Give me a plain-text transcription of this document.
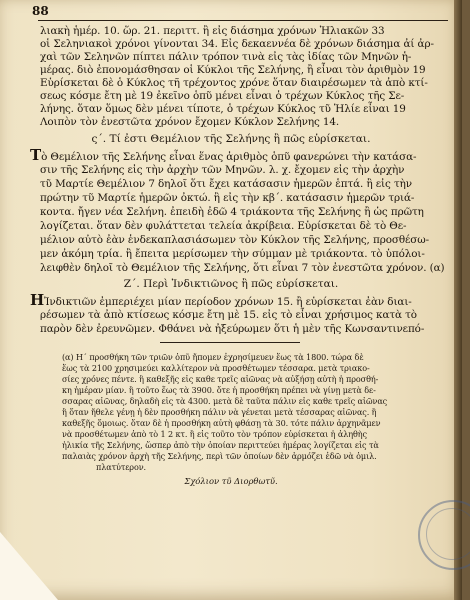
88
λιακὴ ἡμέρ. 10. ὥρ. 21. περιττ. ἢ εἰς διάσημα χρόνων Ἡλιακῶν 33
οἱ Σεληνιακοὶ χρόνοι γίνονται 34. Εἰς δεκαεννέα δὲ χρόνων διάσημα ἀί ἀρ-
χαὶ τῶν Σεληνῶν πίπτει πάλιν τρόπον τινὰ εἰς τὰς ἰδίας τῶν Μηνῶν ἡ-
μέρας. διὸ ἐπονομάσθησαν οἱ Κύκλοι τῆς Σελήνης, ἢ εἶναι τὸν ἀριθμὸν 19
Εὑρίσκεται δὲ ὁ Κύκλος τῆ τρέχοντος χρόνε ὅταν διαιρέσωμεν τὰ ἀπὸ κτί-
σεως κόσμε ἔτη μὲ 19 ἐκεῖνο ὁπῦ μένει εἶναι ὁ τρέχων Κύκλος τῆς Σε-
λήνης. ὅταν ὅμως δὲν μένει τίποτε, ὁ τρέχων Κύκλος τῦ Ἡλίε εἶναι 19
Λοιπὸν τὸν ἐνεστῶτα χρόνον ἔχομεν Κύκλον Σελήνης 14.
ς΄. Τί ἐστι Θεμέλιον τῆς Σελήνης ἢ πῶς εὑρίσκεται.
Τὸ Θεμέλιον τῆς Σελήνης εἶναι ἕνας ἀριθμὸς ὁπῦ φανερώνει τὴν κατάσα-
σιν τῆς Σελήνης εἰς τὴν ἀρχὴν τῶν Μηνῶν. λ. χ. ἔχομεν εἰς τὴν ἀρχὴν
τῦ Μαρτίε Θεμέλιον 7 δηλοῖ ὅτι ἔχει κατάσασιν ἡμερῶν ἑπτά. ἢ εἰς τὴν
πρώτην τῦ Μαρτίε ἡμερῶν ὀκτώ. ἢ εἰς τὴν κβ΄. κατάσασιν ἡμερῶν τριά-
κοντα. ἤγεν νέα Σελήνη. ἐπειδὴ ἐδῶ 4 τριάκοντα τῆς Σελήνης ἢ ὡς πρῶτη
λογίζεται. ὅταν δὲν φυλάττεται τελεία ἀκρίβεια. Εὑρίσκεται δὲ τὸ Θε-
μέλιον αὐτὸ ἐὰν ἑνδεκαπλασιάσωμεν τὸν Κύκλον τῆς Σελήνης, προσθέσω-
μεν ἀκόμη τρία. ἢ ἔπειτα μερίσωμεν τὴν σύμμαν μὲ τριάκοντα. τὸ ὑπόλοι-
λειφθὲν δηλοῖ τὸ Θεμέλιον τῆς Σελήνης, ὅτι εἶναι 7 τὸν ἐνεστῶτα χρόνον. (α)
Ζ΄. Περὶ Ἰνδικτιῶνος ἢ πῶς εὑρίσκεται.
ΗἸνδικτιῶν ἐμπεριέχει μίαν περίοδον χρόνων 15. ἢ εὑρίσκεται ἐὰν διαι-
ρέσωμεν τὰ ἀπὸ κτίσεως κόσμε ἔτη μὲ 15. εἰς τὸ εἶναι χρήσιμος κατὰ τὸ
παρὸν δὲν ἐρευνῶμεν. Φθάνει νὰ ἠξεύρωμεν ὅτι ἡ μὲν τῆς Κωνσαντινεπό-
(α) Η΄ προσθήκη τῶν τριῶν ὁπῦ ἤπομεν ἐχρησίμευεν ἕως τὰ 1800. τώρα δὲ
ἕως τὰ 2100 χρησιμεύει καλλίτερον νὰ προσθέτωμεν τέσσαρα. μετὰ τριακο-
σίες χρόνες πέντε. ἢ καθεξῆς εἰς καθε τρεῖς αἰῶνας νὰ αὐξήσῃ αὐτὴ ἡ προσθή-
κη ἡμέραν μίαν. ἢ τοῦτο ἕως τὰ 3900. ὅτε ἡ προσθήκη πρέπει νὰ γίνῃ μετὰ δε-
σσαρας αἰῶνας, δηλαδὴ εἰς τὰ 4300. μετὰ δὲ ταῦτα πάλιν εἰς καθε τρεῖς αἰῶνας
ἢ ὅταν ἤθελε γένῃ ἡ δὲν προσθήκη πάλιν νὰ γένεται μετὰ τέσσαρας αἰῶνας. ἢ
καθεξῆς ὅμοιως. ὅταν δὲ ἡ προσθήκη αὐτὴ φθάσῃ τὰ 30. τότε πάλιν ἀρχηνᾶμεν
νὰ προσθέτωμεν ἀπὸ τὸ 1 2 κτ. ἢ εἰς τοῦτο τὸν τρόπον εὑρίσκεται ἡ ἀληθὴς
ἡλικία τῆς Σελήνης, ὥσπερ ἀπὸ τὴν ὁποίαν περιττεύει ἡμέρας λογίζεται εἰς τὰ
παλαιὰς χρόνον ἀρχὴ τῆς Σελήνης, περὶ τῶν ὁποίων δὲν ἀρμόζει ἐδῶ νὰ ὁμιλ.
πλατύτερον.
Σχόλιον τῦ Διορθωτῦ.
